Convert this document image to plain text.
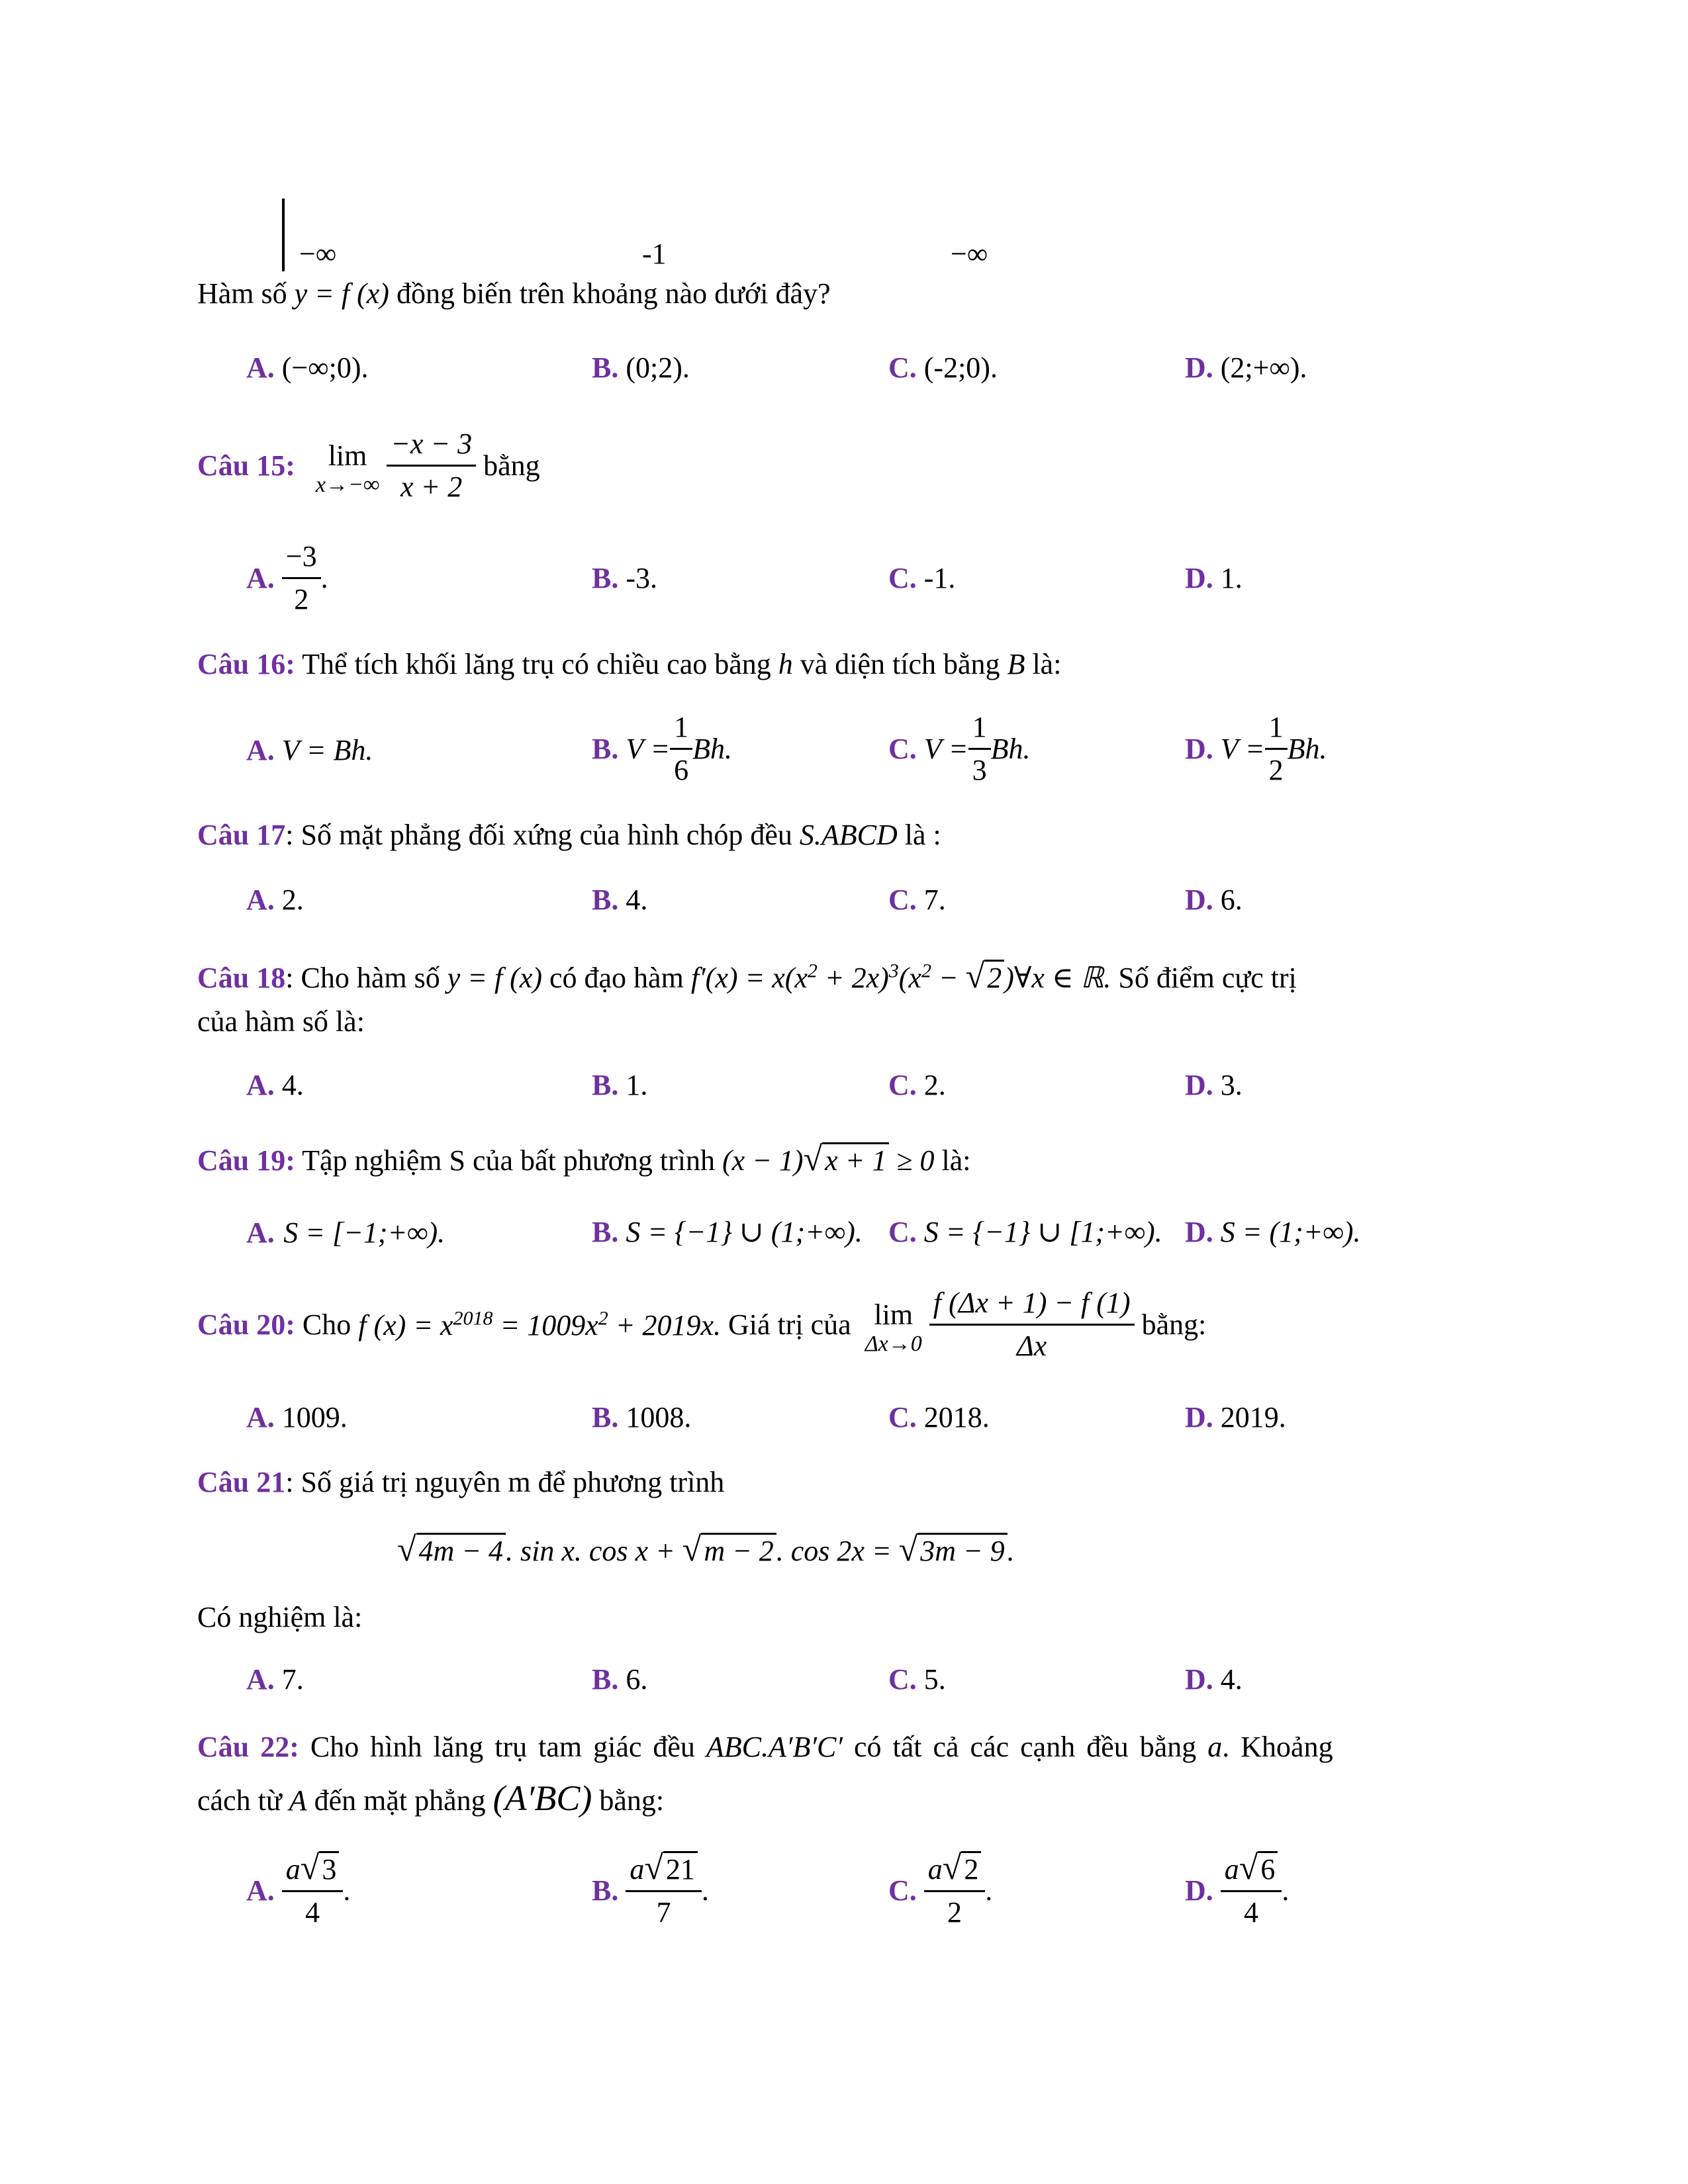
−∞	-1	−∞
Hàm số y = f (x) đồng biến trên khoảng nào dưới đây?
A. (−∞;0).	B. (0;2).	C. (-2;0).	D. (2;+∞).
Câu 15:	lim
x→−∞
$\frac{-x - 3}{x + 2}$ bằng
A. $\frac{-3}{2}$ .	B. -3.	C. -1.	D. 1.
Câu 16: Thể tích khối lăng trụ có chiều cao bằng h và diện tích bằng B là:
A. V = Bh.	B. $V = \frac{1}{6} Bh$.	C. $V = \frac{1}{3} Bh$.	D. $V = \frac{1}{2} Bh$.
Câu 17: Số mặt phẳng đối xứng của hình chóp đều S.ABCD là :
A. 2.	B. 4.	C. 7.	D. 6.
Câu 18: Cho hàm số y = f (x) có đạo hàm $f'(x) = x(x^2 + 2x)^3(x^2$ − √2)∀x ∈ ℝ. Số điểm cực trị
của hàm số là:
A. 4.	B. 1.	C. 2.	D. 3.
Câu 19: Tập nghiệm S của bất phương trình (x − 1)√x + 1 ≥ 0 là:
A. S = [−1;+∞).	B. S = {−1} ∪ (1;+∞). C. S = {−1} ∪ [1;+∞). D. S = (1;+∞).
Câu 20: Cho f $(x) = x^{2018} = 1009x^2 + 2019x$. Giá trị của lim
Δx→0
$\frac{f (\Delta x + 1) - f (1)}{\Delta x}$ bằng:
A. 1009.	B. 1008.	C. 2018.	D. 2019.
Câu 21: Số giá trị nguyên m để phương trình
√4m − 4. sin x. cos x + √m − 2. cos 2x = √3m − 9.
Có nghiệm là:
A. 7.	B. 6.	C. 5.	D. 4.
Câu 22: Cho hình lăng trụ tam giác đều ABC.A′B′C′ có tất cả các cạnh đều bằng a. Khoảng
cách từ A đến mặt phẳng (A′BC) bằng:
A. $\frac{a√3}{4}$ .	B. $\frac{a√21}{7}$ .	C. $\frac{a√2}{2}$ .	D. $\frac{a√6}{4}$ .
